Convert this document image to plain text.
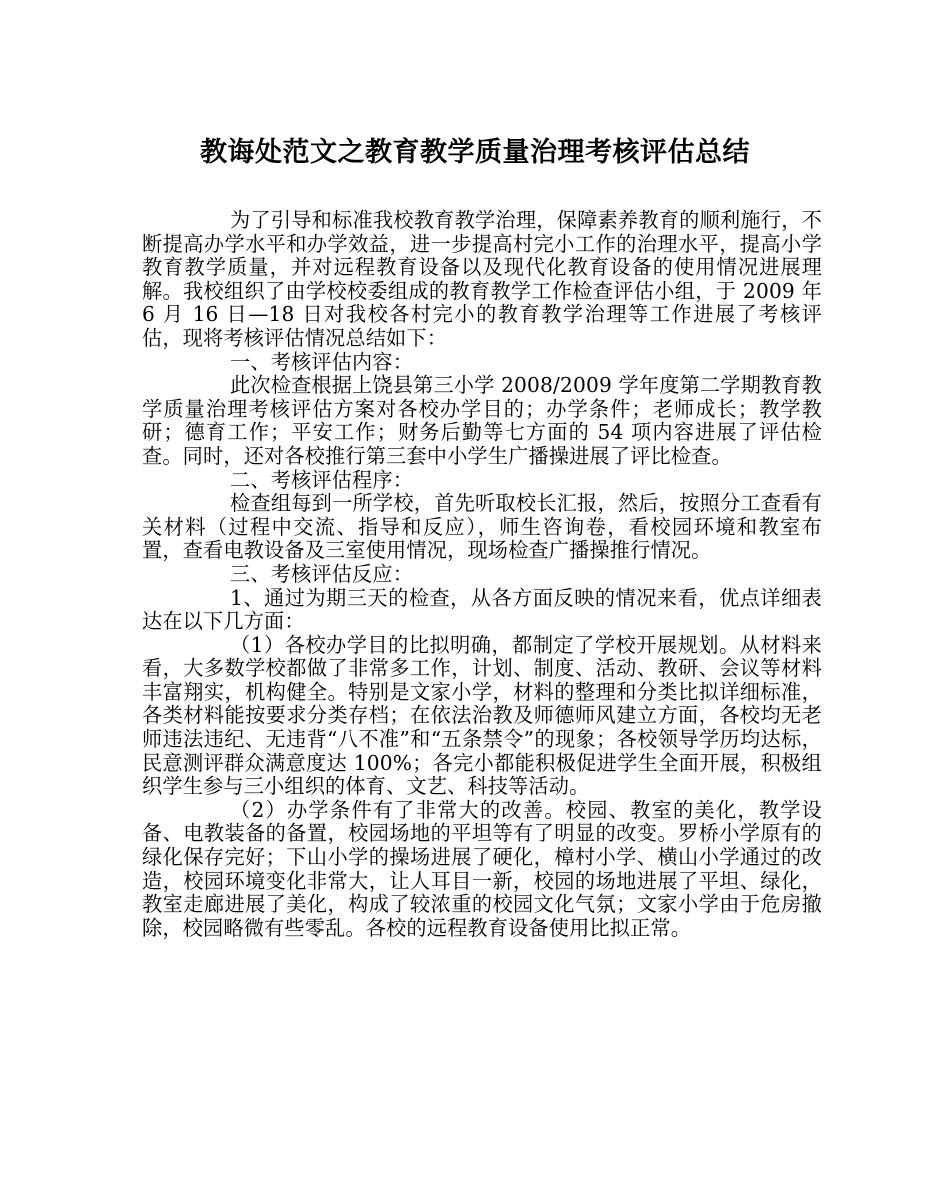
教诲处范文之教育教学质量治理考核评估总结

为了引导和标准我校教育教学治理，保障素养教育的顺利施行，不断提高办学水平和办学效益，进一步提高村完小工作的治理水平，提高小学教育教学质量，并对远程教育设备以及现代化教育设备的使用情况进展理解。我校组织了由学校校委组成的教育教学工作检查评估小组，于 2009 年 6 月 16 日—18 日对我校各村完小的教育教学治理等工作进展了考核评估，现将考核评估情况总结如下：

一、考核评估内容：

此次检查根据上饶县第三小学 2008/2009 学年度第二学期教育教学质量治理考核评估方案对各校办学目的；办学条件；老师成长；教学教研；德育工作；平安工作；财务后勤等七方面的 54 项内容进展了评估检查。同时，还对各校推行第三套中小学生广播操进展了评比检查。

二、考核评估程序：

检查组每到一所学校，首先听取校长汇报，然后，按照分工查看有关材料（过程中交流、指导和反应），师生咨询卷，看校园环境和教室布置，查看电教设备及三室使用情况，现场检查广播操推行情况。

三、考核评估反应：

1、通过为期三天的检查，从各方面反映的情况来看，优点详细表达在以下几方面：

（1）各校办学目的比拟明确，都制定了学校开展规划。从材料来看，大多数学校都做了非常多工作，计划、制度、活动、教研、会议等材料丰富翔实，机构健全。特别是文家小学，材料的整理和分类比拟详细标准，各类材料能按要求分类存档；在依法治教及师德师风建立方面，各校均无老师违法违纪、无违背“八不准”和“五条禁令”的现象；各校领导学历均达标，民意测评群众满意度达 100%；各完小都能积极促进学生全面开展，积极组织学生参与三小组织的体育、文艺、科技等活动。

（2）办学条件有了非常大的改善。校园、教室的美化，教学设备、电教装备的备置，校园场地的平坦等有了明显的改变。罗桥小学原有的绿化保存完好；下山小学的操场进展了硬化，樟村小学、横山小学通过的改造，校园环境变化非常大，让人耳目一新，校园的场地进展了平坦、绿化，教室走廊进展了美化，构成了较浓重的校园文化气氛；文家小学由于危房撤除，校园略微有些零乱。各校的远程教育设备使用比拟正常。
